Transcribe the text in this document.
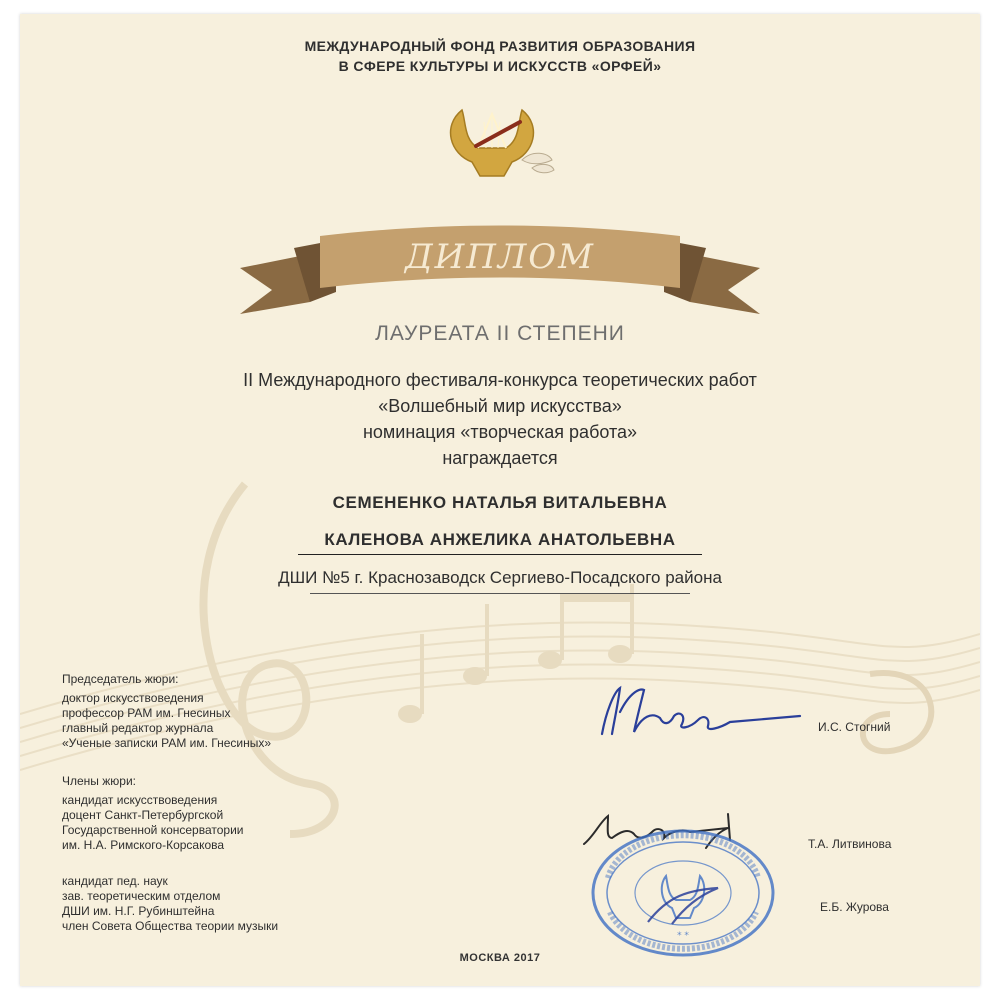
МЕЖДУНАРОДНЫЙ ФОНД РАЗВИТИЯ ОБРАЗОВАНИЯ
В СФЕРЕ КУЛЬТУРЫ И ИСКУССТВ «ОРФЕЙ»
ДИПЛОМ
ЛАУРЕАТА II СТЕПЕНИ
II Международного фестиваля-конкурса теоретических работ
«Волшебный мир искусства»
номинация «творческая работа»
награждается
СЕМЕНЕНКО НАТАЛЬЯ ВИТАЛЬЕВНА
КАЛЕНОВА АНЖЕЛИКА АНАТОЛЬЕВНА
ДШИ №5 г. Краснозаводск Сергиево-Посадского района
Председатель жюри:
доктор искусствоведения
профессор РАМ им. Гнесиных
главный редактор журнала
«Ученые записки РАМ им. Гнесиных»
Члены жюри:
кандидат искусствоведения
доцент Санкт-Петербургской
Государственной консерватории
им. Н.А. Римского-Корсакова
кандидат пед. наук
зав. теоретическим отделом
ДШИ им. Н.Г. Рубинштейна
член Совета Общества теории музыки
И.С. Стогний
Т.А. Литвинова
* *
Е.Б. Журова
МОСКВА 2017
